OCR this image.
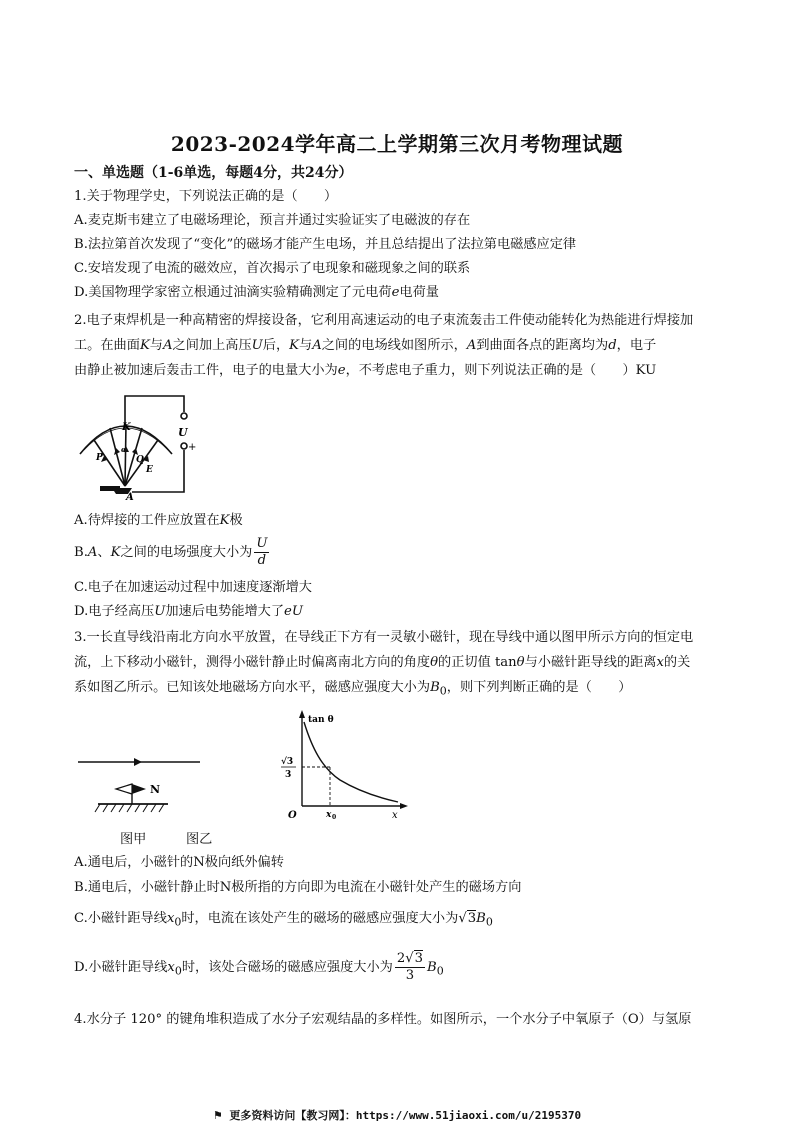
2023-2024学年高二上学期第三次月考物理试题
一、单选题（1-6单选，每题4分，共24分）
1.关于物理学史，下列说法正确的是（　　）
A.麦克斯韦建立了电磁场理论，预言并通过实验证实了电磁波的存在
B.法拉第首次发现了“变化”的磁场才能产生电场，并且总结提出了法拉第电磁感应定律
C.安培发现了电流的磁效应，首次揭示了电现象和磁现象之间的联系
D.美国物理学家密立根通过油滴实验精确测定了元电荷e电荷量
2.电子束焊机是一种高精密的焊接设备，它利用高速运动的电子束流轰击工件使动能转化为热能进行焊接加
工。在曲面K与A之间加上高压U后，K与A之间的电场线如图所示，A到曲面各点的距离均为d，电子
由静止被加速后轰击工件，电子的电量大小为e，不考虑电子重力，则下列说法正确的是（　　）KU
K	U
+
P	Q
E
e
A
A.待焊接的工件应放置在K极
B.A、K之间的电场强度大小为 $\frac{U}{d}$
C.电子在加速运动过程中加速度逐渐增大
D.电子经高压U加速后电势能增大了eU
3.一长直导线沿南北方向水平放置，在导线正下方有一灵敏小磁针，现在导线中通以图甲所示方向的恒定电
流，上下移动小磁针，测得小磁针静止时偏离南北方向的角度θ的正切值 tanθ与小磁针距导线的距离x的关
系如图乙所示。已知该处地磁场方向水平，磁感应强度大小为$B_0$，则下列判断正确的是（　　）
N
tan θ
√3
3
O	x 0	x
图甲	图乙
A.通电后，小磁针的N极向纸外偏转
B.通电后，小磁针静止时N极所指的方向即为电流在小磁针处产生的磁场方向
C.小磁针距导线$x_0$时，电流在该处产生的磁场的磁感应强度大小为$√3B_0$
D.小磁针距导线$x_0$时，该处合磁场的磁感应强度大小为 $\frac{2√3}{3} B_0$
4.水分子 120° 的键角堆积造成了水分子宏观结晶的多样性。如图所示，一个水分子中氧原子（O）与氢原
⚑ 更多资料访问【教习网】：https://www.51jiaoxi.com/u/2195370
